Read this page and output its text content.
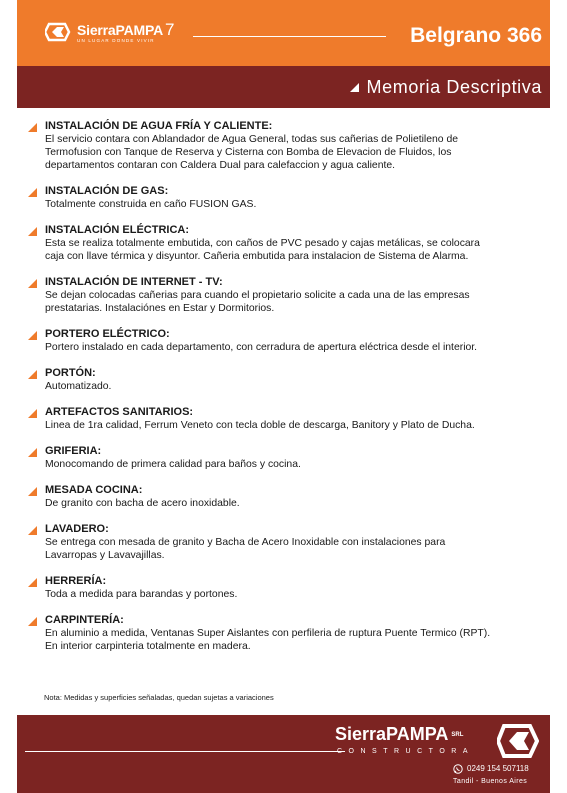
SierraPAMPA 7
UN LUGAR DONDE VIVIR	Belgrano 366
Memoria Descriptiva
INSTALACIÓN DE AGUA FRÍA Y CALIENTE:
El servicio contara con Ablandador de Agua General, todas sus cañerias de Polietileno de
Termofusion con Tanque de Reserva y Cisterna con Bomba de Elevacion de Fluidos, los
departamentos contaran con Caldera Dual para calefaccion y agua caliente.
INSTALACIÓN DE GAS:
Totalmente construida en caño FUSION GAS.
INSTALACIÓN ELÉCTRICA:
Esta se realiza totalmente embutida, con caños de PVC pesado y cajas metálicas, se colocara
caja con llave térmica y disyuntor. Cañeria embutida para instalacion de Sistema de Alarma.
INSTALACIÓN DE INTERNET - TV:
Se dejan colocadas cañerias para cuando el propietario solicite a cada una de las empresas
prestatarias. Instalaciónes en Estar y Dormitorios.
PORTERO ELÉCTRICO:
Portero instalado en cada departamento, con cerradura de apertura eléctrica desde el interior.
PORTÓN:
Automatizado.
ARTEFACTOS SANITARIOS:
Linea de 1ra calidad, Ferrum Veneto con tecla doble de descarga, Banitory y Plato de Ducha.
GRIFERIA:
Monocomando de primera calidad para baños y cocina.
MESADA COCINA:
De granito con bacha de acero inoxidable.
LAVADERO:
Se entrega con mesada de granito y Bacha de Acero Inoxidable con instalaciones para
Lavarropas y Lavavajillas.
HERRERÍA:
Toda a medida para barandas y portones.
CARPINTERÍA:
En aluminio a medida, Ventanas Super Aislantes con perfileria de ruptura Puente Termico (RPT).
En interior carpinteria totalmente en madera.
Nota: Medidas y superficies señaladas, quedan sujetas a variaciones
SierraPAMPA SRL
CONSTRUCTORA
0249 154 507118
Tandil - Buenos Aires
